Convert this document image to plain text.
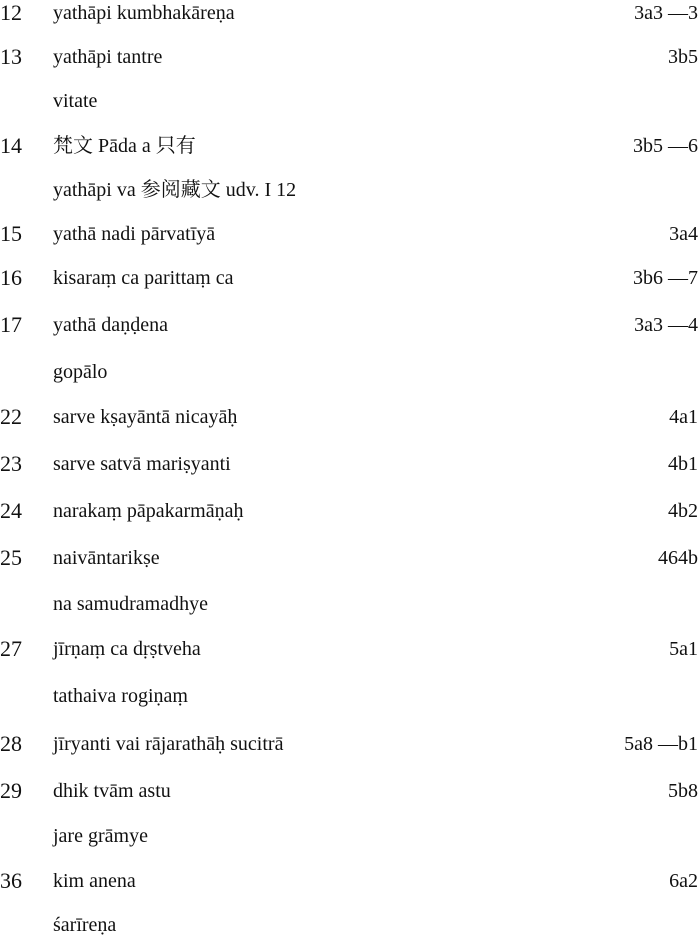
12	yathāpi kumbhakāreṇa	3a3 —3
13	yathāpi tantre	3b5
vitate
14	梵文 Pāda a 只有	3b5 —6
yathāpi va 参阅藏文 udv. I 12
15	yathā nadi pārvatīyā	3a4
16	kisaraṃ ca parittaṃ ca	3b6 —7
17	yathā daṇḍena	3a3 —4
gopālo
22	sarve kṣayāntā nicayāḥ	4a1
23	sarve satvā mariṣyanti	4b1
24	narakaṃ pāpakarmāṇaḥ	4b2
25	naivāntarikṣe	464b
na samudramadhye
27	jīrṇaṃ ca dṛṣtveha	5a1
tathaiva rogiṇaṃ
28	jīryanti vai rājarathāḥ sucitrā	5a8 —b1
29	dhik tvām astu	5b8
jare grāmye
36	kim anena	6a2
śarīreṇa
